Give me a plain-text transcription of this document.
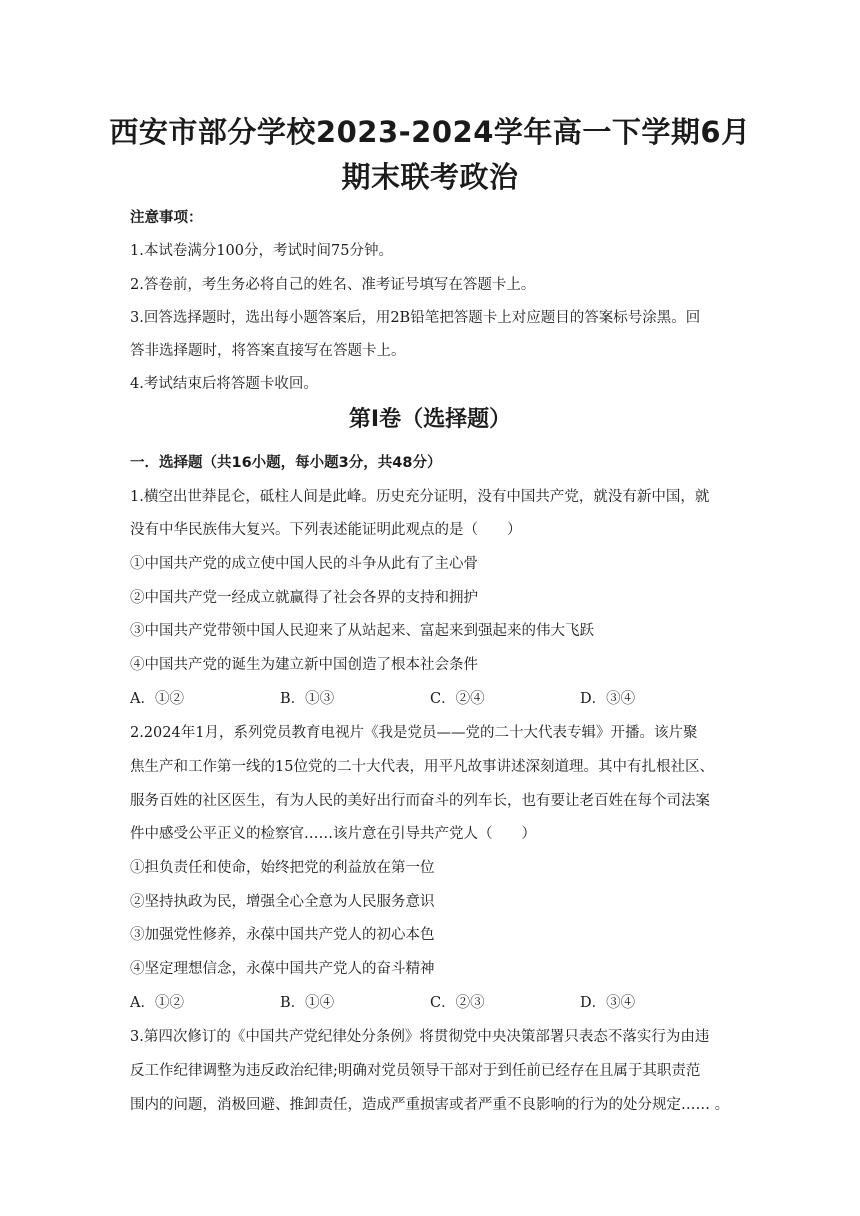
西安市部分学校2023-2024学年高一下学期6月
期末联考政治
注意事项：
1.本试卷满分100分，考试时间75分钟。
2.答卷前，考生务必将自己的姓名、准考证号填写在答题卡上。
3.回答选择题时，选出每小题答案后，用2B铅笔把答题卡上对应题目的答案标号涂黑。回
答非选择题时，将答案直接写在答题卡上。
4.考试结束后将答题卡收回。
第Ⅰ卷（选择题）
一．选择题（共16小题，每小题3分，共48分）
1.横空出世莽昆仑，砥柱人间是此峰。历史充分证明，没有中国共产党，就没有新中国，就
没有中华民族伟大复兴。下列表述能证明此观点的是（　　）
①中国共产党的成立使中国人民的斗争从此有了主心骨
②中国共产党一经成立就赢得了社会各界的支持和拥护
③中国共产党带领中国人民迎来了从站起来、富起来到强起来的伟大飞跃
④中国共产党的诞生为建立新中国创造了根本社会条件
A．①②	B．①③	C．②④	D．③④
2.2024年1月，系列党员教育电视片《我是党员——党的二十大代表专辑》开播。该片聚
焦生产和工作第一线的15位党的二十大代表，用平凡故事讲述深刻道理。其中有扎根社区、
服务百姓的社区医生，有为人民的美好出行而奋斗的列车长，也有要让老百姓在每个司法案
件中感受公平正义的检察官……该片意在引导共产党人（　　）
①担负责任和使命，始终把党的利益放在第一位
②坚持执政为民，增强全心全意为人民服务意识
③加强党性修养，永葆中国共产党人的初心本色
④坚定理想信念，永葆中国共产党人的奋斗精神
A．①②	B．①④	C．②③	D．③④
3.第四次修订的《中国共产党纪律处分条例》将贯彻党中央决策部署只表态不落实行为由违
反工作纪律调整为违反政治纪律;明确对党员领导干部对于到任前已经存在且属于其职责范
围内的问题，消极回避、推卸责任，造成严重损害或者严重不良影响的行为的处分规定…… 。
